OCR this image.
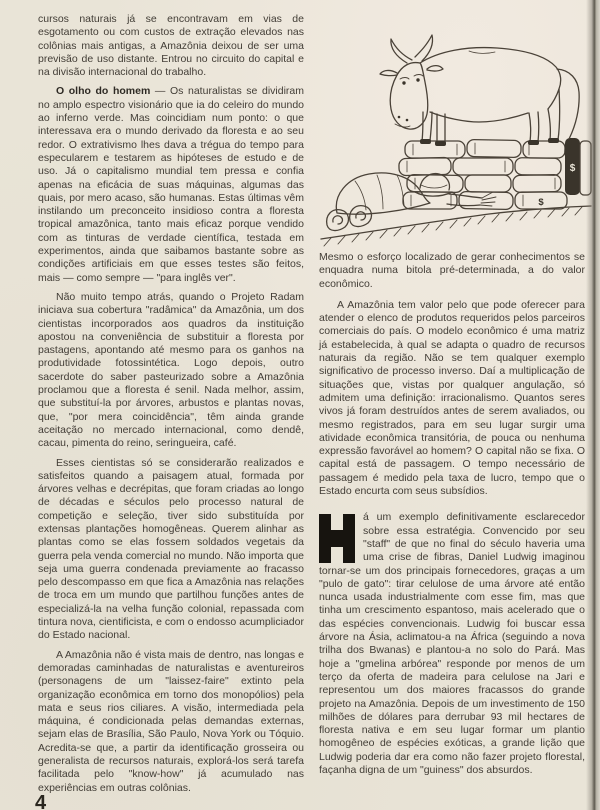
cursos naturais já se encontravam em vias de esgotamento ou com custos de extração elevados nas colônias mais antigas, a Amazônia deixou de ser uma previsão de uso distante. Entrou no circuito do capital e na divisão internacional do trabalho.

O olho do homem — Os naturalistas se dividiram no amplo espectro visionário que ia do celeiro do mundo ao inferno verde. Mas coincidiam num ponto: o que interessava era o mundo derivado da floresta e ao seu redor. O extrativismo lhes dava a trégua do tempo para especularem e testarem as hipóteses de estudo e de uso. Já o capitalismo mundial tem pressa e confia apenas na eficácia de suas máquinas, algumas das quais, por mero acaso, são humanas. Estas últimas vêm instilando um preconceito insidioso contra a floresta tropical amazônica, tanto mais eficaz porque vendido com as tinturas de verdade científica, testada em experimentos, ainda que saibamos bastante sobre as condições artificiais em que esses testes são feitos, mais — como sempre — "para inglês ver".

Não muito tempo atrás, quando o Projeto Radam iniciava sua cobertura "radâmica" da Amazônia, um dos cientistas incorporados aos quadros da instituição apostou na conveniência de substituir a floresta por pastagens, apontando até mesmo para os ganhos na produtividade fotossintética. Logo depois, outro sacerdote do saber pasteurizado sobre a Amazônia proclamou que a floresta é senil. Nada melhor, assim, que substituí-la por árvores, arbustos e plantas novas, que, "por mera coincidência", têm ainda grande aceitação no mercado internacional, como dendê, cacau, pimenta do reino, seringueira, café.

Esses cientistas só se considerarão realizados e satisfeitos quando a paisagem atual, formada por árvores velhas e decrépitas, que foram criadas ao longo de décadas e séculos pelo processo natural de competição e seleção, tiver sido substituída por extensas plantações homogêneas. Querem alinhar as plantas como se elas fossem soldados vegetais da guerra pela venda comercial no mundo. Não importa que seja uma guerra condenada previamente ao fracasso pelo descompasso em que fica a Amazônia nas relações de troca em um mundo que partilhou funções antes de especializá-la na velha função colonial, repassada com tintura nova, cientificista, e com o endosso acumpliciador do Estado nacional.

A Amazônia não é vista mais de dentro, nas longas e demoradas caminhadas de naturalistas e aventureiros (personagens de um "laissez-faire" extinto pela organização econômica em torno dos monopólios) pela mata e seus rios ciliares. A visão, intermediada pela máquina, é condicionada pelas demandas externas, sejam elas de Brasília, São Paulo, Nova York ou Tóquio. Acredita-se que, a partir da identificação grosseira ou generalista de recursos naturais, explorá-los será tarefa facilitada pelo "know-how" já acumulado nas experiências em outras colônias.

$
$

Mesmo o esforço localizado de gerar conhecimentos se enquadra numa bitola pré-determinada, a do valor econômico.

A Amazônia tem valor pelo que pode oferecer para atender o elenco de produtos requeridos pelos parceiros comerciais do país. O modelo econômico é uma matriz já estabelecida, à qual se adapta o quadro de recursos naturais da região. Não se tem qualquer exemplo significativo de processo inverso. Daí a multiplicação de situações que, vistas por qualquer angulação, só admitem uma definição: irracionalismo. Quantos seres vivos já foram destruídos antes de serem avaliados, ou mesmo registrados, para em seu lugar surgir uma atividade econômica transitória, de pouca ou nenhuma expressão favorável ao homem? O capital não se fixa. O capital está de passagem. O tempo necessário de passagem é medido pela taxa de lucro, tempo que o Estado encurta com seus subsídios.

á um exemplo definitivamente esclarecedor sobre essa estratégia. Convencido por seu "staff" de que no final do século haveria uma uma crise de fibras, Daniel Ludwig imaginou tornar-se um dos principais fornecedores, graças a um "pulo de gato": tirar celulose de uma árvore até então nunca usada industrialmente com esse fim, mas que tinha um crescimento espantoso, mais acelerado que o das espécies convencionais. Ludwig foi buscar essa árvore na Ásia, aclimatou-a na África (seguindo a nova trilha dos Bwanas) e plantou-a no solo do Pará. Mas hoje a "gmelina arbórea" responde por menos de um terço da oferta de madeira para celulose na Jari e representou um dos maiores fracassos do grande projeto na Amazônia. Depois de um investimento de 150 milhões de dólares para derrubar 93 mil hectares de floresta nativa e em seu lugar formar um plantio homogêneo de espécies exóticas, a grande lição que Ludwig poderia dar era como não fazer projeto florestal, façanha digna de um "guiness" dos absurdos.

4
